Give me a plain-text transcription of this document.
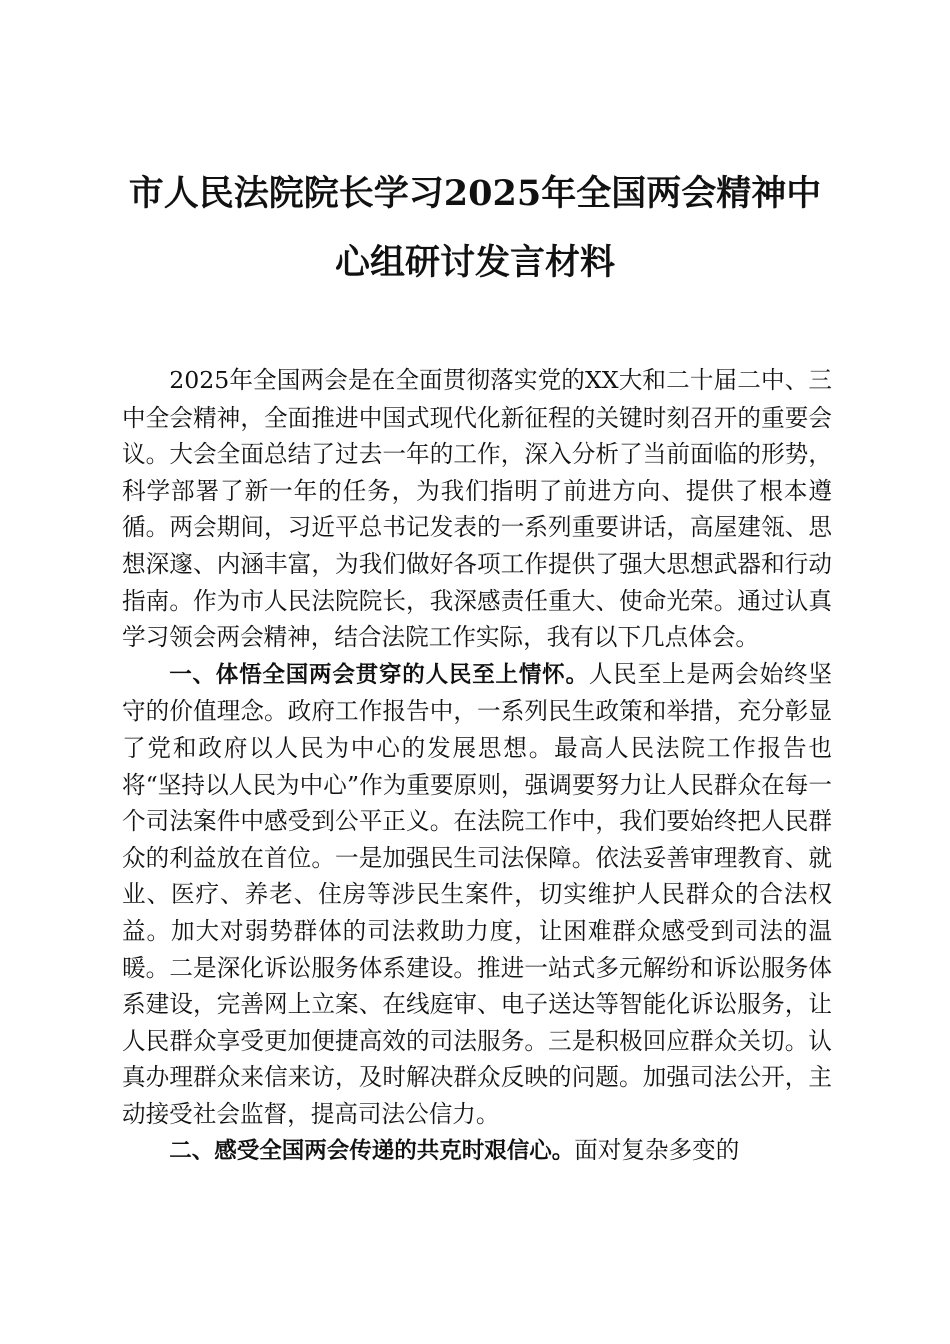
市人民法院院长学习2025年全国两会精神中
心组研讨发言材料

2025年全国两会是在全面贯彻落实党的XX大和二十届二中、三中全会精神，全面推进中国式现代化新征程的关键时刻召开的重要会议。大会全面总结了过去一年的工作，深入分析了当前面临的形势，科学部署了新一年的任务，为我们指明了前进方向、提供了根本遵循。两会期间，习近平总书记发表的一系列重要讲话，高屋建瓴、思想深邃、内涵丰富，为我们做好各项工作提供了强大思想武器和行动指南。作为市人民法院院长，我深感责任重大、使命光荣。通过认真学习领会两会精神，结合法院工作实际，我有以下几点体会。

一、体悟全国两会贯穿的人民至上情怀。人民至上是两会始终坚守的价值理念。政府工作报告中，一系列民生政策和举措，充分彰显了党和政府以人民为中心的发展思想。最高人民法院工作报告也将“坚持以人民为中心”作为重要原则，强调要努力让人民群众在每一个司法案件中感受到公平正义。在法院工作中，我们要始终把人民群众的利益放在首位。一是加强民生司法保障。依法妥善审理教育、就业、医疗、养老、住房等涉民生案件，切实维护人民群众的合法权益。加大对弱势群体的司法救助力度，让困难群众感受到司法的温暖。二是深化诉讼服务体系建设。推进一站式多元解纷和诉讼服务体系建设，完善网上立案、在线庭审、电子送达等智能化诉讼服务，让人民群众享受更加便捷高效的司法服务。三是积极回应群众关切。认真办理群众来信来访，及时解决群众反映的问题。加强司法公开，主动接受社会监督，提高司法公信力。

二、感受全国两会传递的共克时艰信心。面对复杂多变的
